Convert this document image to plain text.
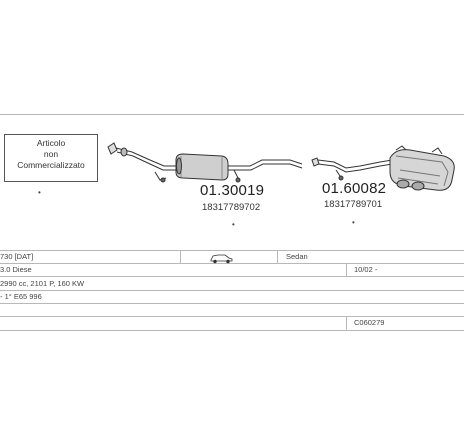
Articolo
non
Commercializzato
01.30019
18317789702
•
01.60082
18317789701
•
•
730 [DAT]	Sedan
3.0 Diese	10/02 -
2990 cc, 2101 P, 160 KW
- 1° E65 996
C060279
